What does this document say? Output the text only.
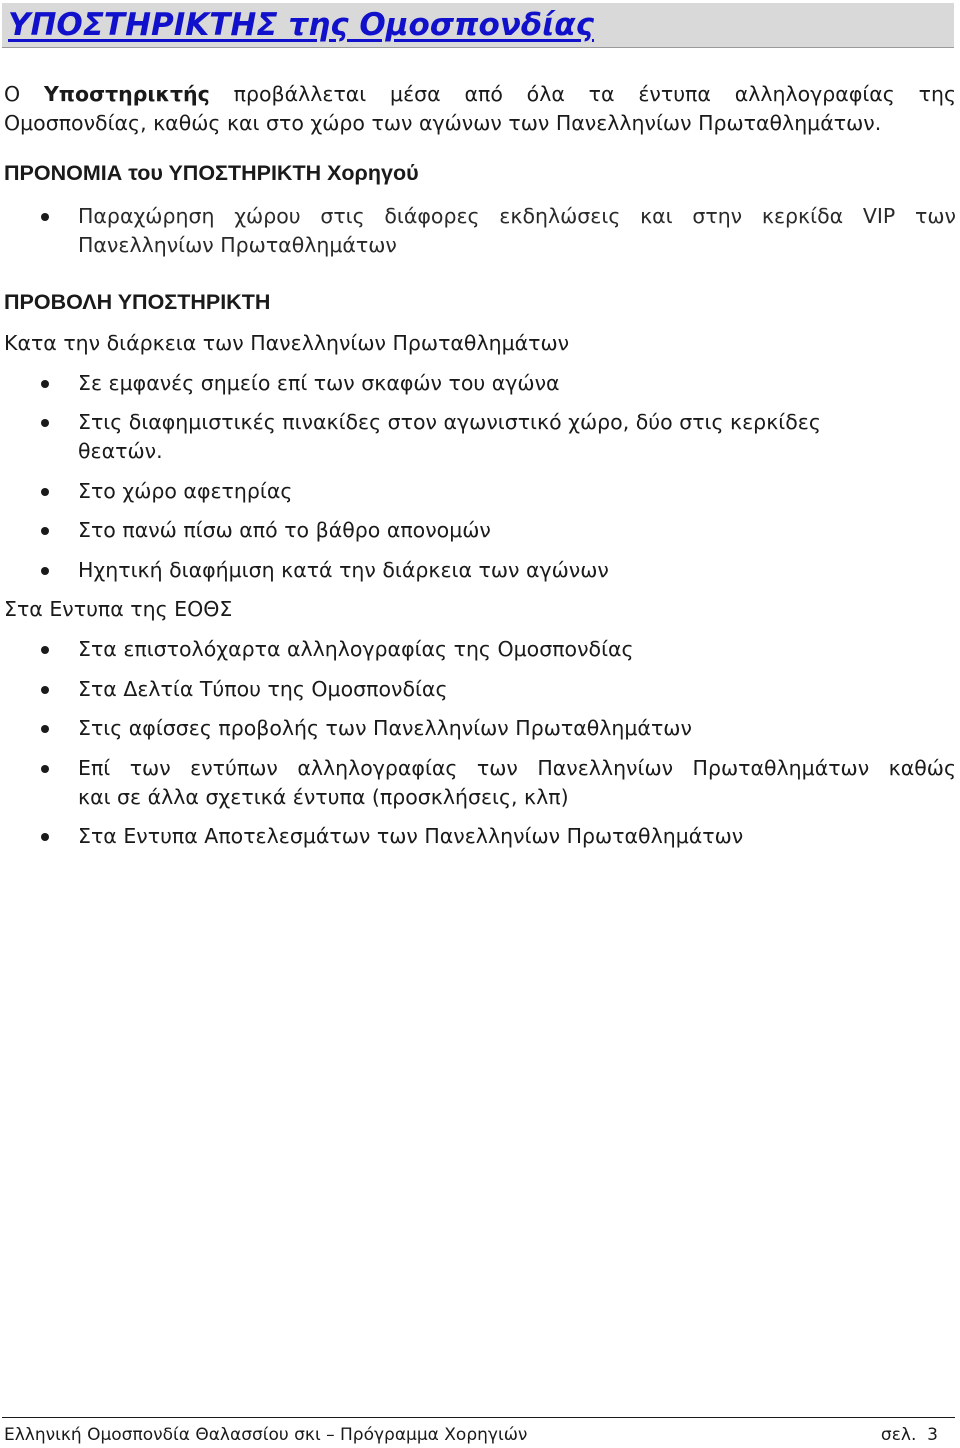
ΥΠΟΣΤΗΡΙΚΤΗΣ της Ομοσπονδίας

Ο Υποστηρικτής προβάλλεται μέσα από όλα τα έντυπα αλληλογραφίας της
Ομοσπονδίας, καθώς και στο χώρο των αγώνων των Πανελληνίων Πρωταθλημάτων.

ΠΡΟΝΟΜΙΑ του ΥΠΟΣΤΗΡΙΚΤΗ Χορηγού

Παραχώρηση χώρου στις διάφορες εκδηλώσεις και στην κερκίδα VIP των
Πανελληνίων Πρωταθλημάτων

ΠΡΟΒΟΛΗ ΥΠΟΣΤΗΡΙΚΤΗ

Κατα την διάρκεια των Πανελληνίων Πρωταθλημάτων

Σε εμφανές σημείο επί των σκαφών του αγώνα

Στις διαφημιστικές πινακίδες στον αγωνιστικό χώρο, δύο στις κερκίδες θεατών.

Στο χώρο αφετηρίας

Στο πανώ πίσω από το βάθρο απονομών

Ηχητική διαφήμιση κατά την διάρκεια των αγώνων

Στα Εντυπα της ΕΟΘΣ

Στα επιστολόχαρτα αλληλογραφίας της Ομοσπονδίας

Στα Δελτία Τύπου της Ομοσπονδίας

Στις αφίσσες προβολής των Πανελληνίων Πρωταθλημάτων

Επί των εντύπων αλληλογραφίας των Πανελληνίων Πρωταθλημάτων καθώς
και σε άλλα σχετικά έντυπα (προσκλήσεις, κλπ)

Στα Εντυπα Αποτελεσμάτων των Πανελληνίων Πρωταθλημάτων

Ελληνική Ομοσπονδία Θαλασσίου σκι – Πρόγραμμα Χορηγιών	σελ. 3
